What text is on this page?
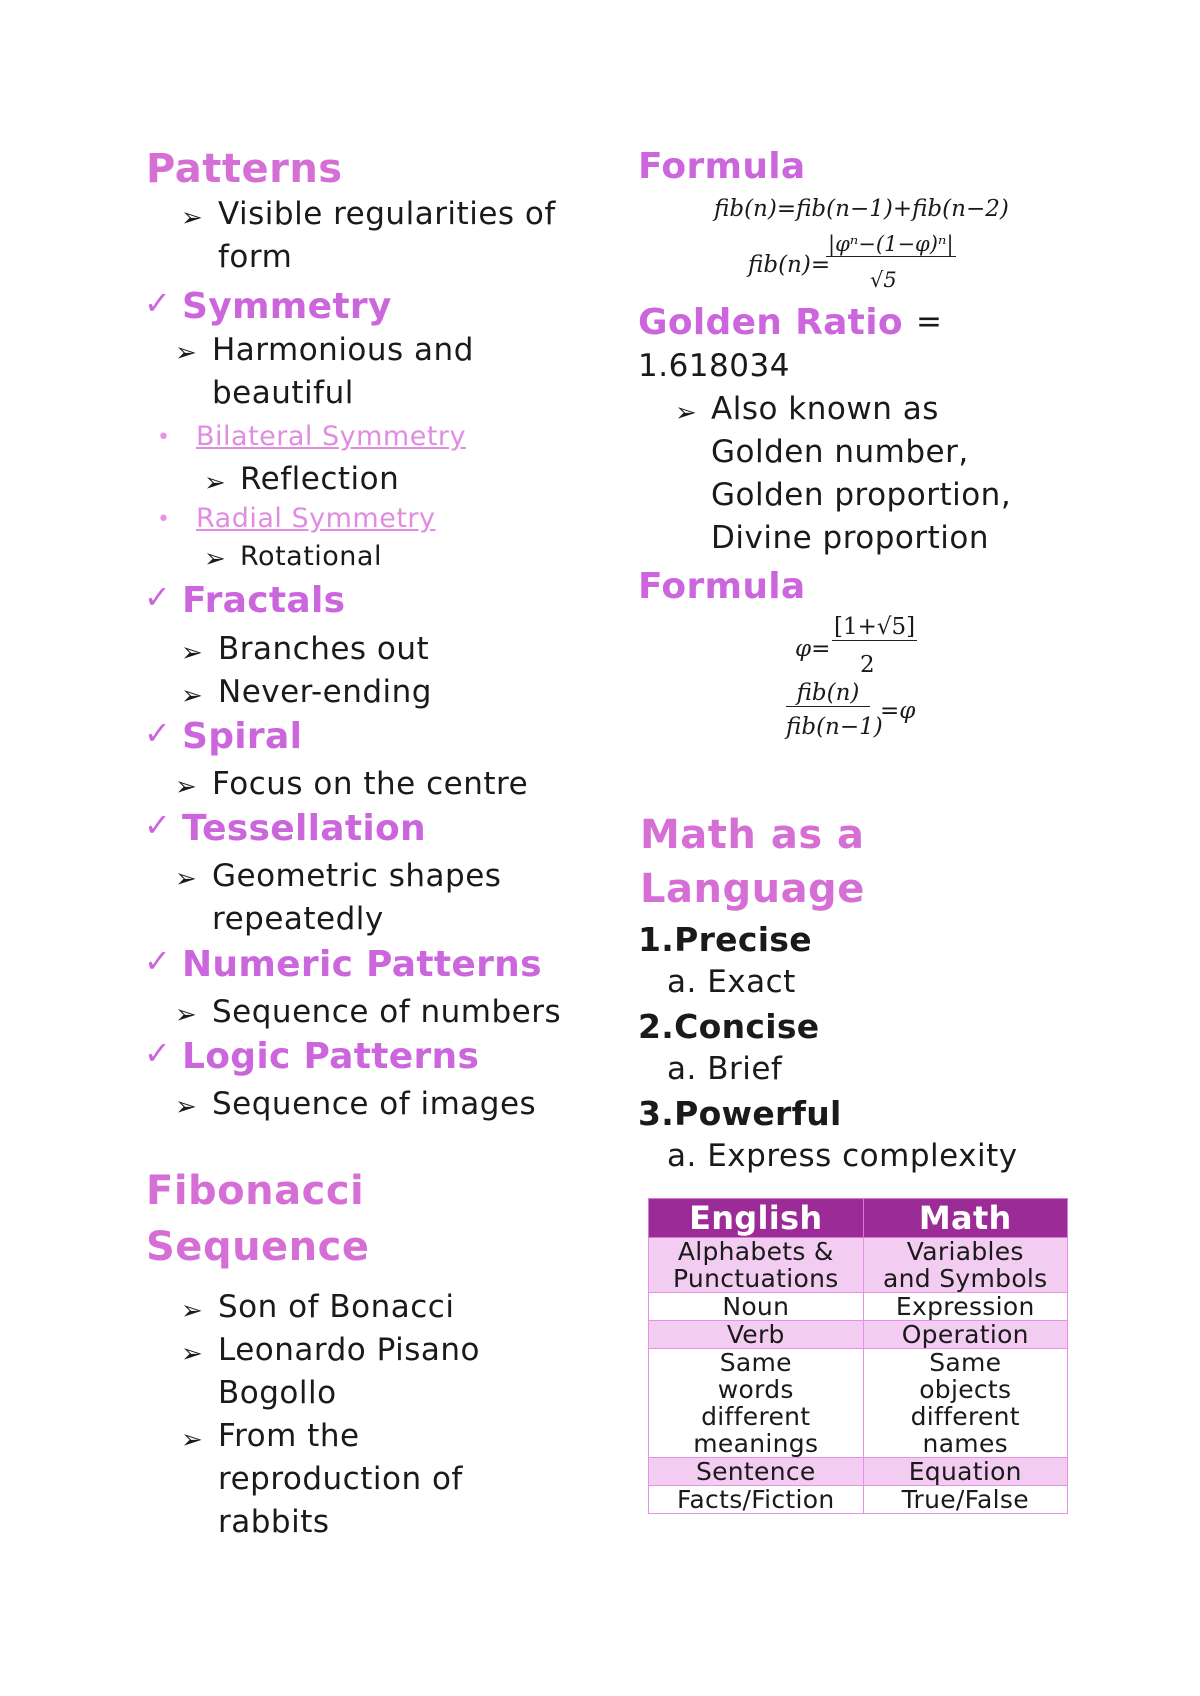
Patterns
➢ Visible regularities of
form
✓ Symmetry
➢ Harmonious and
beautiful
• Bilateral Symmetry
➢ Reflection
• Radial Symmetry
➢ Rotational
✓ Fractals
➢ Branches out
➢ Never-ending
✓ Spiral
➢ Focus on the centre
✓ Tessellation
➢ Geometric shapes
repeatedly
✓ Numeric Patterns
➢ Sequence of numbers
✓ Logic Patterns
➢ Sequence of images
Fibonacci
Sequence
➢ Son of Bonacci
➢ Leonardo Pisano
Bogollo
➢ From the
reproduction of
rabbits
Formula
fib(n)=fib(n−1)+fib(n−2)
fib(n)=
|φⁿ−(1−φ)ⁿ|
√5
Golden Ratio =
1.618034
➢ Also known as
Golden number,
Golden proportion,
Divine proportion
Formula
φ=
[1+√5]
2
fib(n)
fib(n−1)
=φ
Math as a
Language
1.Precise
a. Exact
2.Concise
a. Brief
3.Powerful
a. Express complexity
English	Math
Alphabets & Punctuations	Variables and Symbols
Noun	Expression
Verb	Operation
Same words different meanings	Same objects different names
Sentence	Equation
Facts/Fiction	True/False
